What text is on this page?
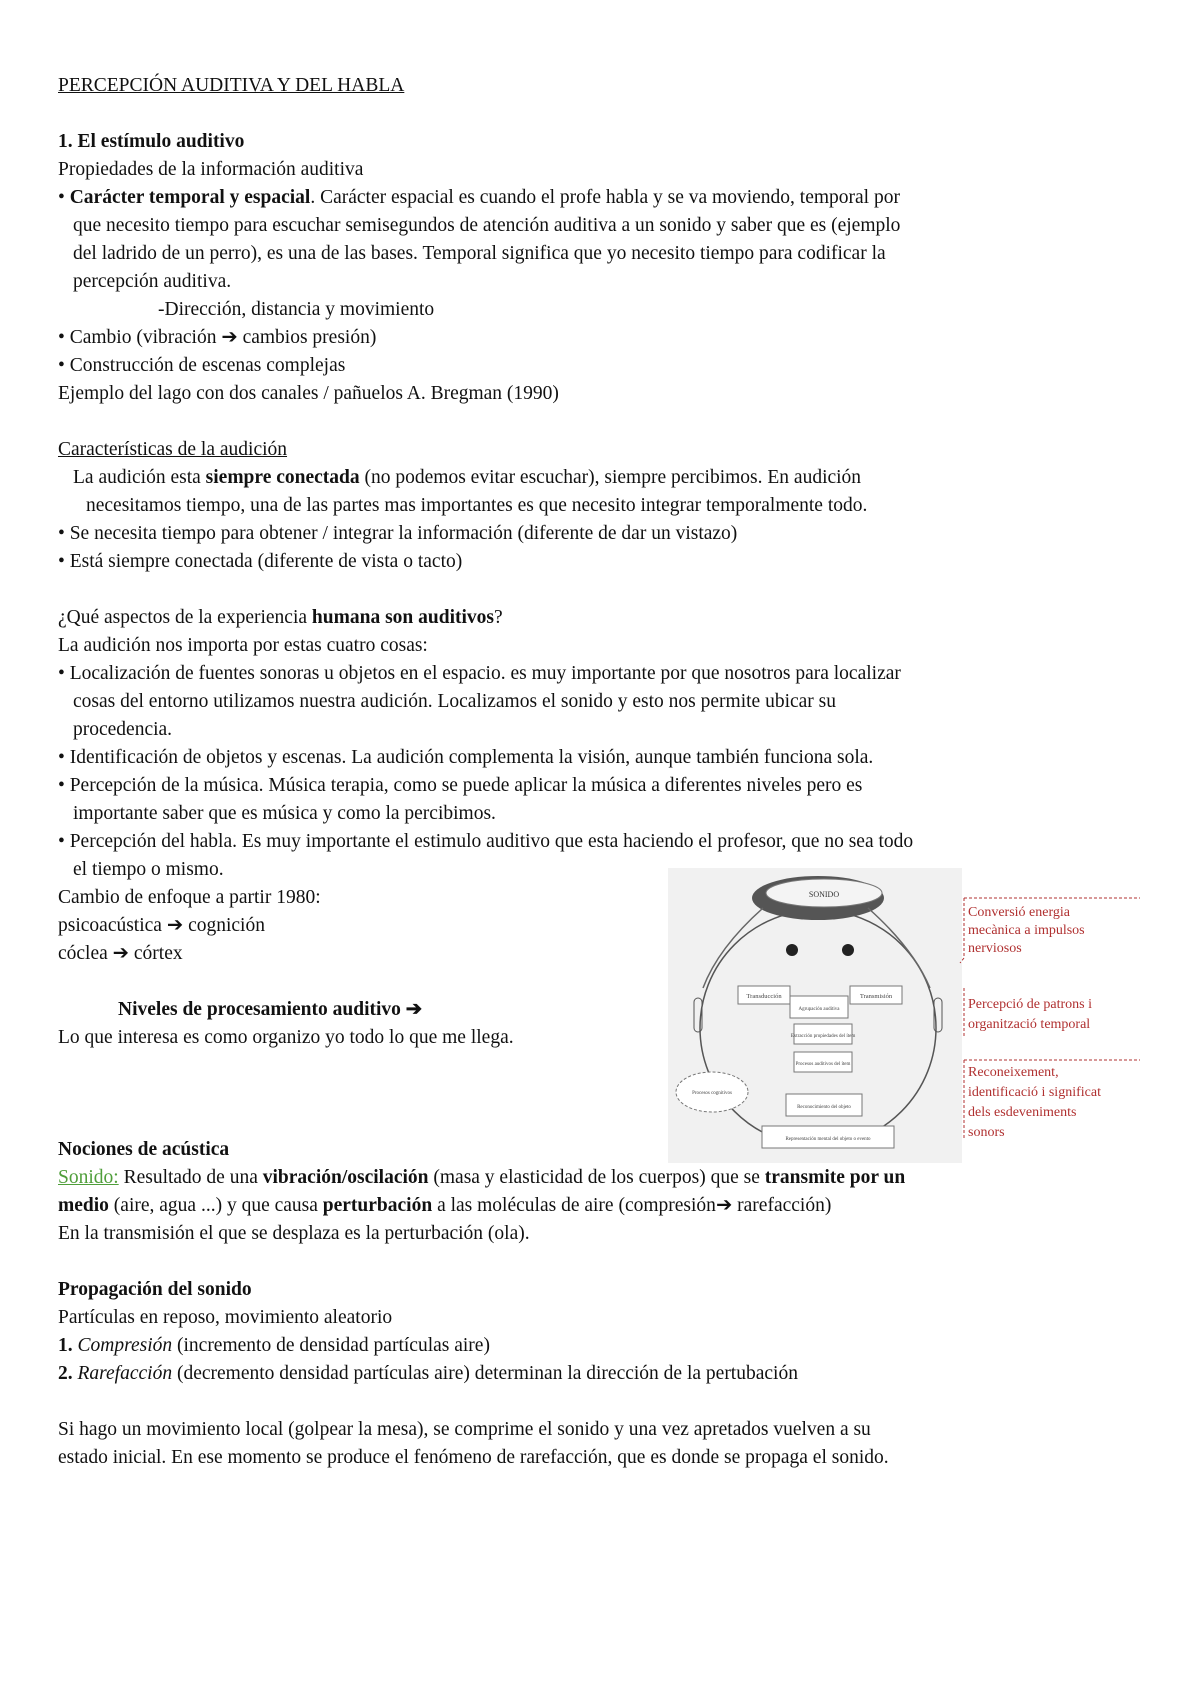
PERCEPCIÓN AUDITIVA Y DEL HABLA
1. El estímulo auditivo
Propiedades de la información auditiva
• Carácter temporal y espacial. Carácter espacial es cuando el profe habla y se va moviendo, temporal por
que necesito tiempo para escuchar semisegundos de atención auditiva a un sonido y saber que es (ejemplo
del ladrido de un perro), es una de las bases. Temporal significa que yo necesito tiempo para codificar la
percepción auditiva.
-Dirección, distancia y movimiento
• Cambio (vibración ➔ cambios presión)
• Construcción de escenas complejas
Ejemplo del lago con dos canales / pañuelos A. Bregman (1990)
Características de la audición
La audición esta siempre conectada (no podemos evitar escuchar), siempre percibimos. En audición
necesitamos tiempo, una de las partes mas importantes es que necesito integrar temporalmente todo.
• Se necesita tiempo para obtener / integrar la información (diferente de dar un vistazo)
• Está siempre conectada (diferente de vista o tacto)
¿Qué aspectos de la experiencia humana son auditivos?
La audición nos importa por estas cuatro cosas:
• Localización de fuentes sonoras u objetos en el espacio. es muy importante por que nosotros para localizar
cosas del entorno utilizamos nuestra audición. Localizamos el sonido y esto nos permite ubicar su
procedencia.
• Identificación de objetos y escenas. La audición complementa la visión, aunque también funciona sola.
• Percepción de la música. Música terapia, como se puede aplicar la música a diferentes niveles pero es
importante saber que es música y como la percibimos.
• Percepción del habla. Es muy importante el estimulo auditivo que esta haciendo el profesor, que no sea todo
el tiempo o mismo.
Cambio de enfoque a partir 1980:
psicoacústica ➔ cognición
cóclea ➔ córtex
Niveles de procesamiento auditivo ➔
Lo que interesa es como organizo yo todo lo que me llega.
Nociones de acústica
Sonido: Resultado de una vibración/oscilación (masa y elasticidad de los cuerpos) que se transmite por un
medio (aire, agua ...) y que causa perturbación a las moléculas de aire (compresión➔ rarefacción)
En la transmisión el que se desplaza es la perturbación (ola).
Propagación del sonido
Partículas en reposo, movimiento aleatorio
1. Compresión (incremento de densidad partículas aire)
2. Rarefacción (decremento densidad partículas aire) determinan la dirección de la pertubación
Si hago un movimiento local (golpear la mesa), se comprime el sonido y una vez apretados vuelven a su
estado inicial. En ese momento se produce el fenómeno de rarefacción, que es donde se propaga el sonido.
SONIDO
Transducción	Transmisión
Agrupación auditiva
Extracción propiedades del ítem
Procesos auditivos del ítem
Reconocimiento del objeto
Representación mental del objeto o evento
Procesos cognitivos
Conversió energia
mecànica a impulsos
nerviosos
Percepció de patrons i
organització temporal
Reconeixement,
identificació i significat
dels esdeveniments
sonors
